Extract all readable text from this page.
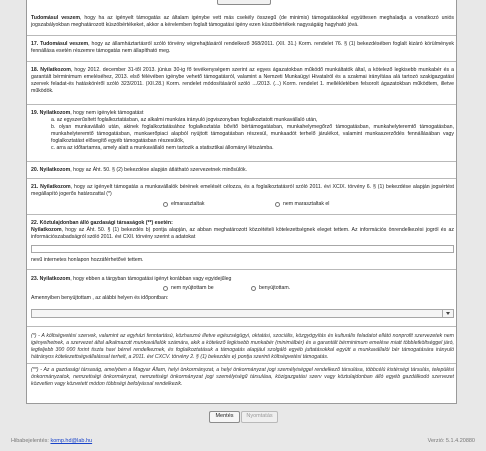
Tudomásul veszem, hogy ha az igényelt támogatás az általam igénybe vett más csekély összegű (de minimis) támogatásokkal együttesen meghaladja a vonatkozó uniós jogszabályokban meghatározott küszöbértékeket, akkor a kérelemben foglalt támogatási igény ezen küszöbértékek nagyságáig hagyható jóvá.
17. Tudomásul veszem, hogy az államháztartásról szóló törvény végrehajtásáról rendelkező 368/2011. (XII. 31.) Korm. rendelet 76. § (1) bekezdésében foglalt kizáró körülmények fennállása esetén részemre támogatás nem állapítható meg.
18. Nyilatkozom, hogy 2012. december 31-től 2013. június 30-ig fő tevékenységem szerint az egyes ágazatokban működő munkáltatók által, a kötelező legkisebb munkabér és a garantált bérminimum emeléséhez, 2013. első félévében igénybe vehető támogatásról, valamint a Nemzeti Munkaügyi Hivatalról és a szakmai irányítása alá tartozó szakigazgatási szervek feladat-és hatásköréről szóló 323/2011. (XII.28.) Korm. rendelet módosításáról szóló .../2013. (...) Korm. rendelet 1. mellékletében felsorolt ágazatokban működtem, illetve működök.
19. Nyilatkozom, hogy nem igénylek támogatást
a. az egyszerűsített foglalkoztatásban, az alkalmi munkára irányuló jogviszonyban foglalkoztatott munkavállaló után,
b. olyan munkavállaló után, akinek foglalkoztatásához foglalkoztatás bővítő bértámogatásban, munkahelymegőrző támogatásban, munkahelyteremtő támogatásban, munkahelyteremtő támogatásban, munkaerőpiaci alapból nyújtott támogatásban részesül, munkaadót terhelő járulékot, valamint munkaszerződés fennállásában vagy foglalkoztatást elősegítő egyéb támogatásban részesülök,
c. arra az időtartamra, amely alatt a munkavállaló nem tartozik a statisztikai állományi létszámba.
20. Nyilatkozom, hogy az Áht. 50. § (2) bekezdése alapján átlátható szervezetnek minősülök.
21. Nyilatkozom, hogy az igényelt támogatás a munkavállalók bérének emelését célozza, és a foglalkoztatásról szóló 2011. évi XCIX. törvény 6. § (1) bekezdése alapján jogsértést megállapító jogerős határozattal (*)
elmarasztaltak	nem marasztaltak el
22. Köztulajdonban álló gazdasági társaságok (**) esetén:
Nyilatkozom, hogy az Áht. 50. § (1) bekezdés b) pontja alapján, az abban meghatározott közzétételi kötelezettségnek eleget tettem. Az információs önrendelkezési jogról és az információszabadságról szóló 2011. évi CXII. törvény szerint a adatokat
nevű internetes honlapon hozzáférhetővé tettem.
23. Nyilatkozom, hogy ebben a tárgyban támogatási igényt korábban vagy egyidejűleg
nem nyújtottam be	benyújtottam.
Amennyiben benyújtottam , az alábbi helyen és időpontban:
(*) - A költségvetési szervek, valamint az egyházi fenntartású, közhasznú illetve egészségügyi, oktatási, szociális, közgyógyítás és kulturális feladatot ellátó nonprofit szervezetek nem igényelhetnek, a szervezet által alkalmazott munkavállalók számára, akik a kötelező legkisebb munkabér (minimálbér) és a garantált bérminimum emelése miatt többletköltséggel járó, legfeljebb 300 000 forint tiszta havi bérrel rendelkeznek, és foglalkoztatásuk a támogatás alapjául szolgáló egyéb juttatásokkal együtt a munkavállalói bér támogatására irányuló hátrányos kötelezettségvállalással terhelt, a 2011. évi CXCV. törvény 2. § (1) bekezdés e) pontja szerinti költségvetési támogatás.
(**) - Az a gazdasági társaság, amelyben a Magyar Állam, helyi önkormányzat, a helyi önkormányzat jogi személyiséggel rendelkező társulása, többcélú kistérségi társulás, települési önkormányzatok, nemzetiségi önkormányzat, nemzetiségi önkormányzat jogi személyiségű társulása, közigazgatási szerv vagy köztulajdonban álló egyéb gazdálkodó szervezet közvetlen vagy közvetett módon többségi befolyással rendelkezik.
Mentés	Nyomtatás
Hibabejelentés: komp.hd@lab.hu	Verzió: 5.1.4.20880
